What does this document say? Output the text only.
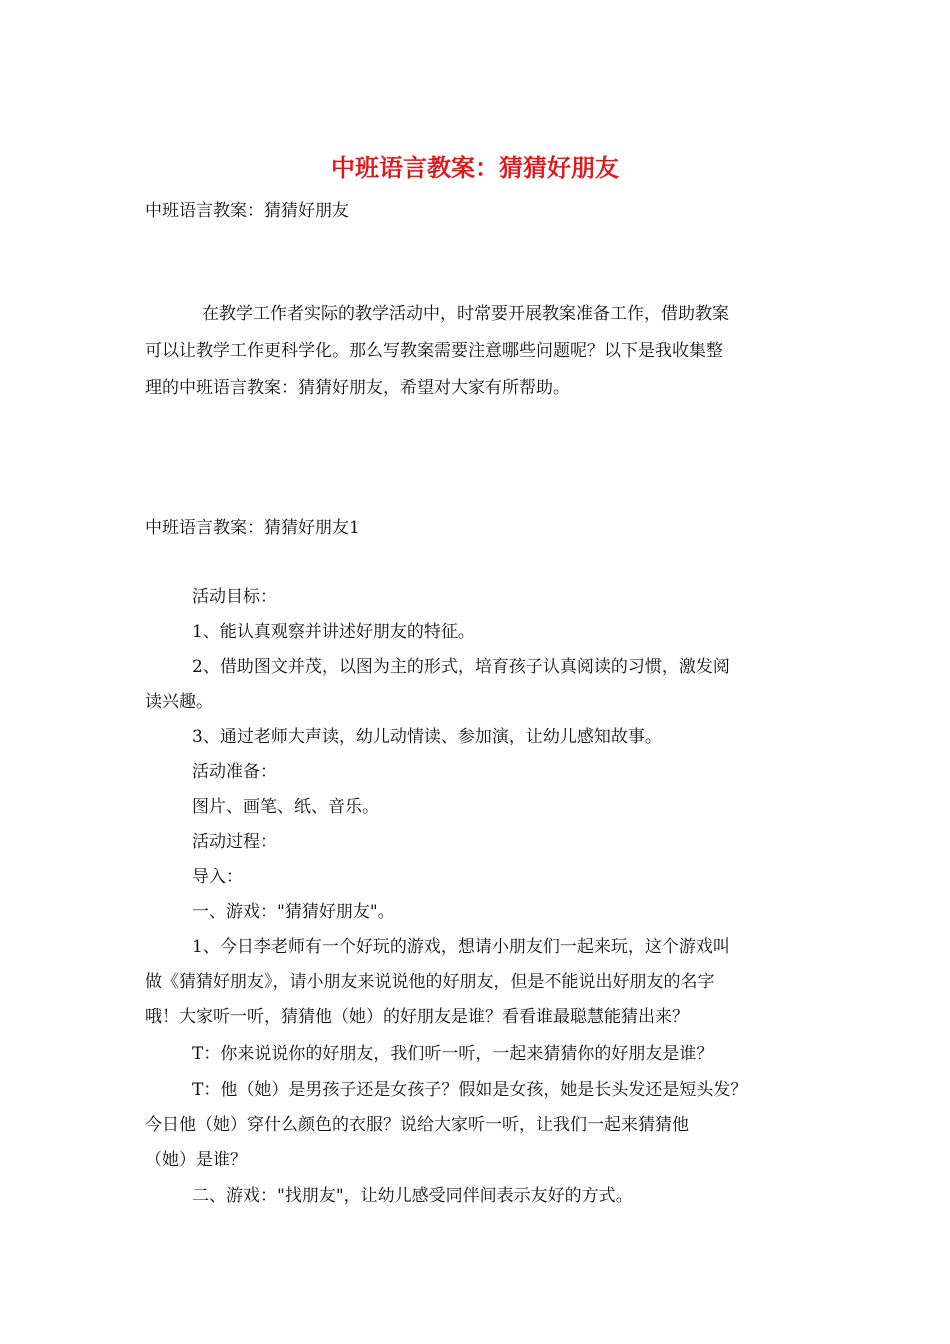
中班语言教案：猜猜好朋友
中班语言教案：猜猜好朋友
在教学工作者实际的教学活动中，时常要开展教案准备工作，借助教案
可以让教学工作更科学化。那么写教案需要注意哪些问题呢？以下是我收集整
理的中班语言教案：猜猜好朋友，希望对大家有所帮助。
中班语言教案：猜猜好朋友1
活动目标：
1、能认真观察并讲述好朋友的特征。
2、借助图文并茂，以图为主的形式，培育孩子认真阅读的习惯，激发阅
读兴趣。
3、通过老师大声读，幼儿动情读、参加演，让幼儿感知故事。
活动准备：
图片、画笔、纸、音乐。
活动过程：
导入：
一、游戏："猜猜好朋友"。
1、今日李老师有一个好玩的游戏，想请小朋友们一起来玩，这个游戏叫
做《猜猜好朋友》，请小朋友来说说他的好朋友，但是不能说出好朋友的名字
哦！大家听一听，猜猜他（她）的好朋友是谁？看看谁最聪慧能猜出来？
T：你来说说你的好朋友，我们听一听，一起来猜猜你的好朋友是谁？
T：他（她）是男孩子还是女孩子？假如是女孩，她是长头发还是短头发？
今日他（她）穿什么颜色的衣服？说给大家听一听，让我们一起来猜猜他
（她）是谁？
二、游戏："找朋友"，让幼儿感受同伴间表示友好的方式。
